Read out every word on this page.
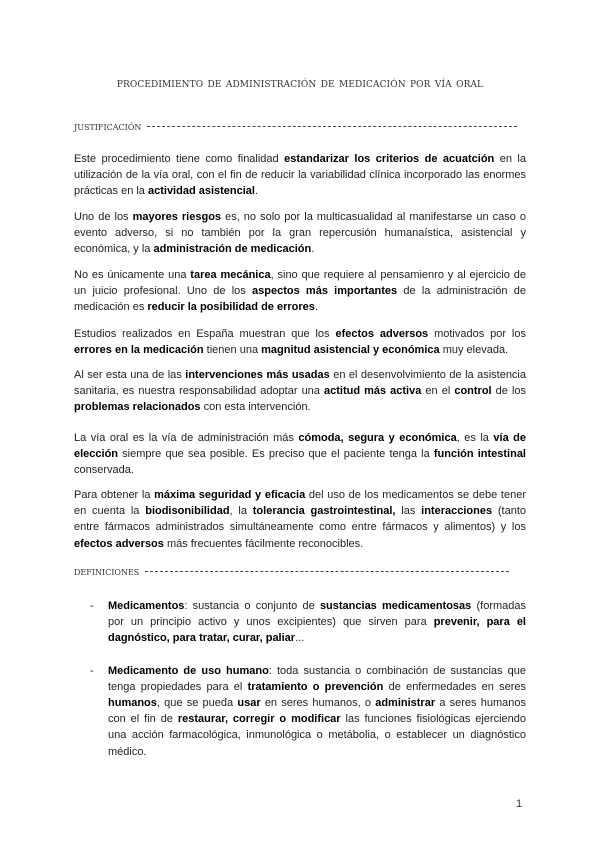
procedimiento de administración de medicación por vía oral
justificación

Este procedimiento tiene como finalidad estandarizar los criterios de acuatción en la utilización de la vía oral, con el fin de reducir la variabilidad clínica incorporado las enormes prácticas en la actividad asistencial.

Uno de los mayores riesgos es, no solo por la multicasualidad al manifestarse un caso o evento adverso, si no también por la gran repercusión humanaística, asistencial y económica, y la administración de medicación.

No es únicamente una tarea mecánica, sino que requiere al pensamienro y al ejercicio de un juicio profesional. Uno de los aspectos más importantes de la administración de medicación es reducir la posibilidad de errores.

Estudios realizados en España muestran que los efectos adversos motivados por los errores en la medicación tienen una magnitud asistencial y económica muy elevada.

Al ser esta una de las intervenciones más usadas en el desenvolvimiento de la asistencia sanitaria, es nuestra responsabilidad adoptar una actitud más activa en el control de los problemas relacionados con esta intervención.

La vía oral es la vía de administración más cómoda, segura y económica, es la vía de elección siempre que sea posible. Es preciso que el paciente tenga la función intestinal conservada.

Para obtener la máxima seguridad y eficacia del uso de los medicamentos se debe tener en cuenta la biodisonibilidad, la tolerancia gastrointestinal, las interacciones (tanto entre fármacos administrados simultáneamente como entre fármacos y alimentos) y los efectos adversos más frecuentes fácilmente reconocibles.

definiciones
- Medicamentos: sustancia o conjunto de sustancias medicamentosas (formadas por un principio activo y unos excipientes) que sirven para prevenir, para el dagnóstico, para tratar, curar, paliar...
- Medicamento de uso humano: toda sustancia o combinación de sustancias que tenga propiedades para el tratamiento o prevención de enfermedades en seres humanos, que se pueda usar en seres humanos, o administrar a seres humanos con el fin de restaurar, corregir o modificar las funciones fisiológicas ejerciendo una acción farmacológica, inmunológica o metábolia, o establecer un diagnóstico médico.
1
